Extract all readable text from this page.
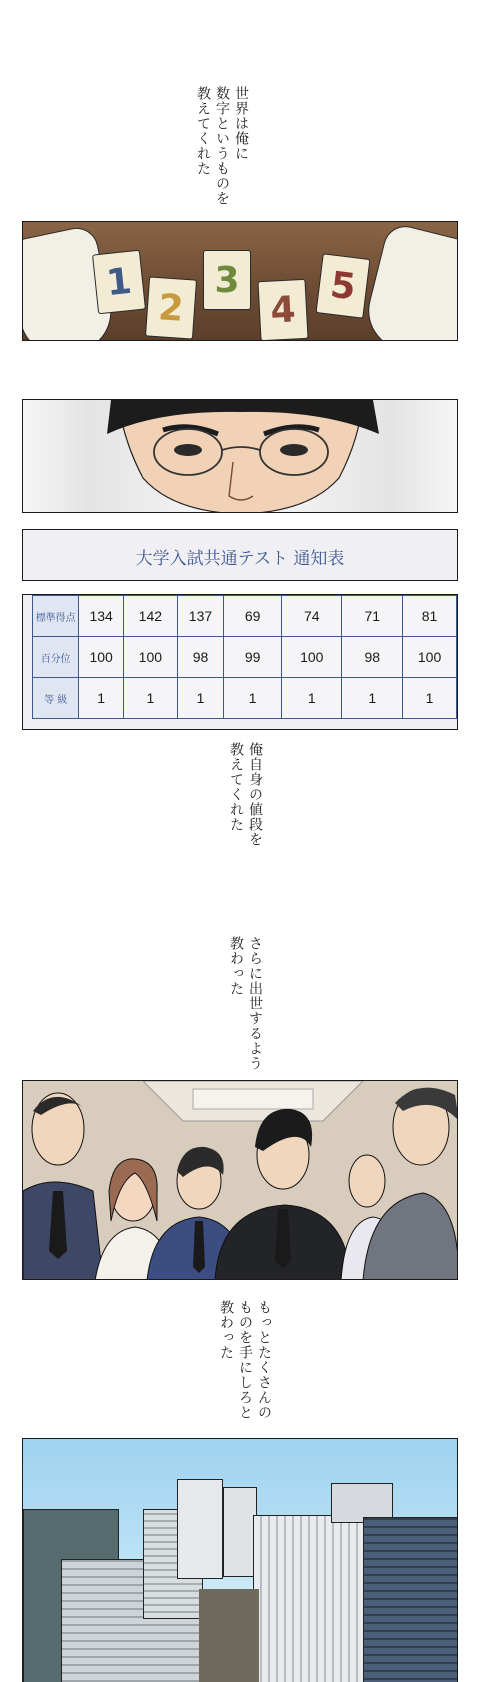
世界は俺に
数字というものを
教えてくれた
1
2
3
4
5
大学入試共通テスト 通知表
標準得点	134	142	137	69	74	71	81
百分位	100	100	98	99	100	98	100
等 級	1	1	1	1	1	1	1
俺自身の値段を
教えてくれた
さらに出世するよう
教わった
もっとたくさんの
ものを手にしろと
教わった
